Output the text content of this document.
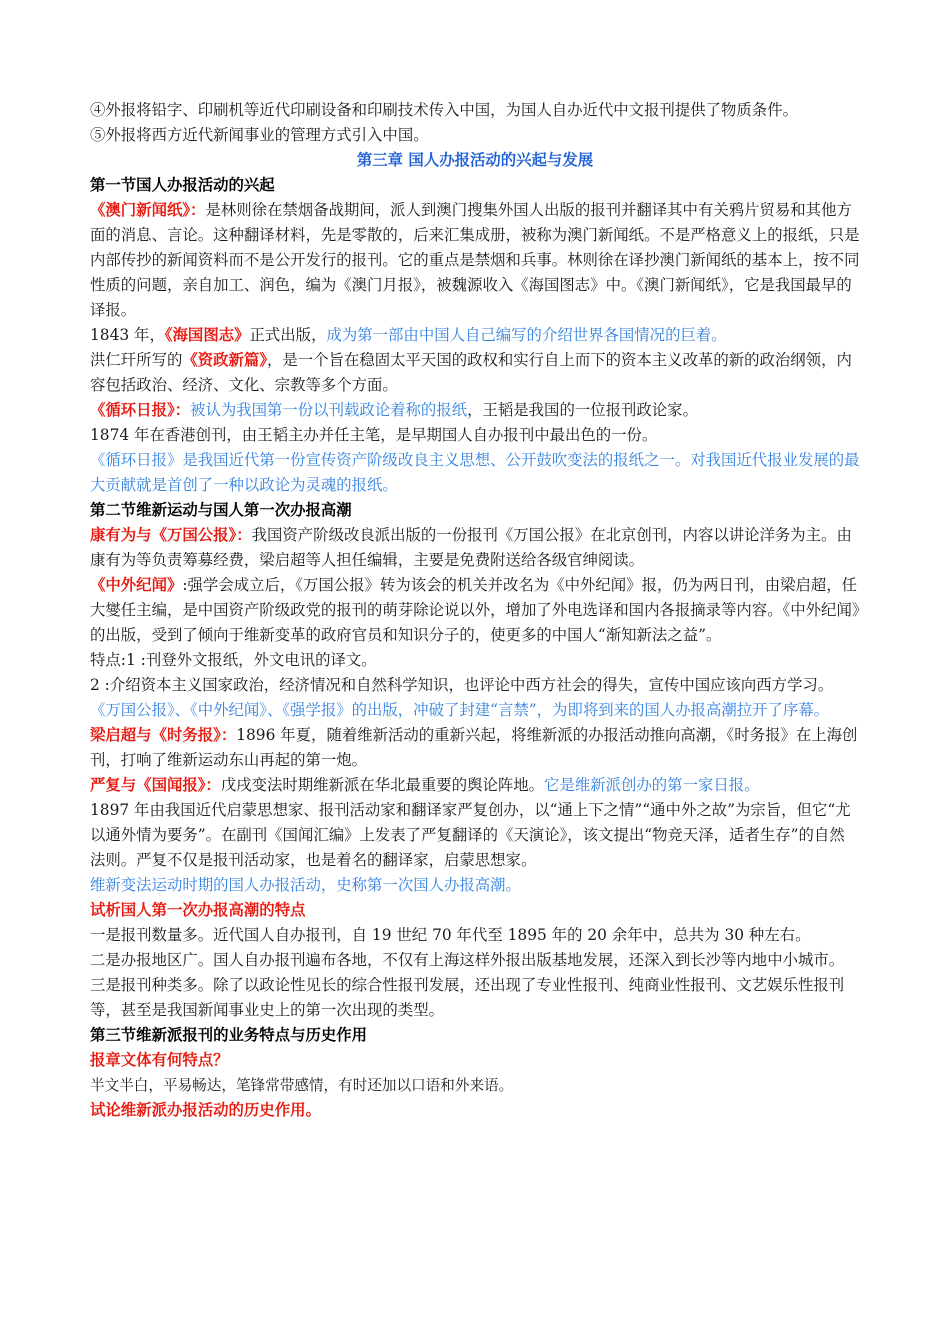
④外报将铅字、印刷机等近代印刷设备和印刷技术传入中国，为国人自办近代中文报刊提供了物质条件。

⑤外报将西方近代新闻事业的管理方式引入中国。

第三章 国人办报活动的兴起与发展

第一节国人办报活动的兴起

《澳门新闻纸》：是林则徐在禁烟备战期间，派人到澳门搜集外国人出版的报刊并翻译其中有关鸦片贸易和其他方面的消息、言论。这种翻译材料，先是零散的，后来汇集成册，被称为澳门新闻纸。不是严格意义上的报纸，只是内部传抄的新闻资料而不是公开发行的报刊。它的重点是禁烟和兵事。林则徐在译抄澳门新闻纸的基本上，按不同性质的问题，亲自加工、润色，编为《澳门月报》，被魏源收入《海国图志》中。《澳门新闻纸》，它是我国最早的译报。

1843 年，《海国图志》正式出版，成为第一部由中国人自己编写的介绍世界各国情况的巨着。

洪仁玕所写的《资政新篇》，是一个旨在稳固太平天国的政权和实行自上而下的资本主义改革的新的政治纲领，内容包括政治、经济、文化、宗教等多个方面。

《循环日报》：被认为我国第一份以刊载政论着称的报纸，王韬是我国的一位报刊政论家。

1874 年在香港创刊，由王韬主办并任主笔，是早期国人自办报刊中最出色的一份。

《循环日报》是我国近代第一份宣传资产阶级改良主义思想、公开鼓吹变法的报纸之一。对我国近代报业发展的最大贡献就是首创了一种以政论为灵魂的报纸。

第二节维新运动与国人第一次办报高潮

康有为与《万国公报》：我国资产阶级改良派出版的一份报刊《万国公报》在北京创刊，内容以讲论洋务为主。由康有为等负责筹募经费，梁启超等人担任编辑，主要是免费附送给各级官绅阅读。

《中外纪闻》:强学会成立后，《万国公报》转为该会的机关并改名为《中外纪闻》报，仍为两日刊，由梁启超，任大燮任主编，是中国资产阶级政党的报刊的萌芽除论说以外，增加了外电选译和国内各报摘录等内容。《中外纪闻》的出版，受到了倾向于维新变革的政府官员和知识分子的，使更多的中国人“渐知新法之益”。

特点:1 :刊登外文报纸，外文电讯的译文。

2 :介绍资本主义国家政治，经济情况和自然科学知识，也评论中西方社会的得失，宣传中国应该向西方学习。

《万国公报》、《中外纪闻》、《强学报》的出版，冲破了封建“言禁”，为即将到来的国人办报高潮拉开了序幕。

梁启超与《时务报》：1896 年夏，随着维新活动的重新兴起，将维新派的办报活动推向高潮，《时务报》在上海创刊，打响了维新运动东山再起的第一炮。

严复与《国闻报》：戊戌变法时期维新派在华北最重要的舆论阵地。它是维新派创办的第一家日报。

1897 年由我国近代启蒙思想家、报刊活动家和翻译家严复创办，以“通上下之情”“通中外之故”为宗旨，但它“尤以通外情为要务”。在副刊《国闻汇编》上发表了严复翻译的《天演论》，该文提出“物竞天泽，适者生存”的自然法则。严复不仅是报刊活动家，也是着名的翻译家，启蒙思想家。

维新变法运动时期的国人办报活动，史称第一次国人办报高潮。

试析国人第一次办报高潮的特点

一是报刊数量多。近代国人自办报刊，自 19 世纪 70 年代至 1895 年的 20 余年中，总共为 30 种左右。

二是办报地区广。国人自办报刊遍布各地，不仅有上海这样外报出版基地发展，还深入到长沙等内地中小城市。

三是报刊种类多。除了以政论性见长的综合性报刊发展，还出现了专业性报刊、纯商业性报刊、文艺娱乐性报刊等，甚至是我国新闻事业史上的第一次出现的类型。

第三节维新派报刊的业务特点与历史作用

报章文体有何特点？

半文半白，平易畅达，笔锋常带感情，有时还加以口语和外来语。

试论维新派办报活动的历史作用。
